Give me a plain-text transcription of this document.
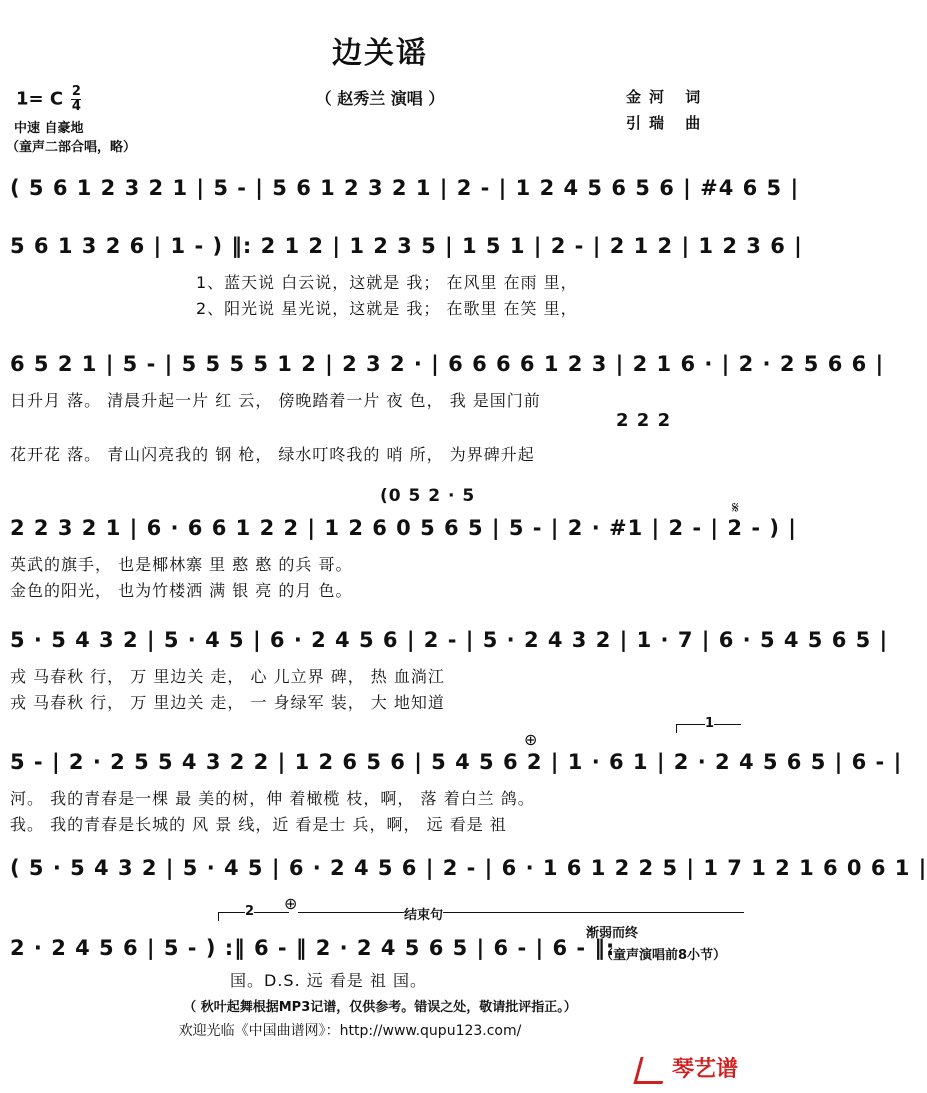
边关谣
（ 赵秀兰 演唱 ）
1= C $\frac{2}{4}$
中速 自豪地
（童声二部合唱，略）
金河 词
引瑞 曲
( 5 6 1 2 3 2 1 | 5 - | 5 6 1 2 3 2 1 | 2 - | 1 2 4 5 6 5 6 | #4 6 5 |
5 6 1 3 2 6 | 1 - ) ‖: 2 1 2 | 1 2 3 5 | 1 5 1 | 2 - | 2 1 2 | 1 2 3 6 |
1、蓝天说 白云说，这就是 我； 在风里 在雨 里，
2、阳光说 星光说，这就是 我； 在歌里 在笑 里，
6 5 2 1 | 5 - | 5 5 5 5 1 2 | 2 3 2 · | 6 6 6 6 1 2 3 | 2 1 6 · | 2 · 2 5 6 6 |
日升月 落。 清晨升起一片 红 云， 傍晚踏着一片 夜 色， 我 是国门前
2 2 2
花开花 落。 青山闪亮我的 钢 枪， 绿水叮咚我的 哨 所， 为界碑升起
(0 5 2 · 5
2 2 3 2 1 | 6 · 6 6 1 2 2 | 1 2 6 0 5 6 5 | 5 - | 2 · #1 | 2 - | 2 - ) |
𝄋
英武的旗手， 也是椰林寨 里 憨 憨 的兵 哥。
金色的阳光， 也为竹楼洒 满 银 亮 的月 色。
5 · 5 4 3 2 | 5 · 4 5 | 6 · 2 4 5 6 | 2 - | 5 · 2 4 3 2 | 1 · 7 | 6 · 5 4 5 6 5 |
戎 马春秋 行， 万 里边关 走， 心 儿立界 碑， 热 血淌江
戎 马春秋 行， 万 里边关 走， 一 身绿军 装， 大 地知道
1
⊕
5 - | 2 · 2 5 5 4 3 2 2 | 1 2 6 5 6 | 5 4 5 6 2 | 1 · 6 1 | 2 · 2 4 5 6 5 | 6 - |
河。 我的青春是一棵 最 美的树，伸 着橄榄 枝，啊， 落 着白兰 鸽。
我。 我的青春是长城的 风 景 线，近 看是士 兵，啊， 远 看是 祖
( 5 · 5 4 3 2 | 5 · 4 5 | 6 · 2 4 5 6 | 2 - | 6 · 1 6 1 2 2 5 | 1 7 1 2 1 6 0 6 1 |
2 ⊕
结束句
渐弱而终
2 · 2 4 5 6 | 5 - ) :‖ 6 - ‖ 2 · 2 4 5 6 5 | 6 - | 6 - ‖:
（童声演唱前8小节）
国。D.S. 远 看是 祖 国。
（ 秋叶起舞根据MP3记谱，仅供参考。错误之处，敬请批评指正。）
欢迎光临《中国曲谱网》：http://www.qupu123.com/
琴艺谱
